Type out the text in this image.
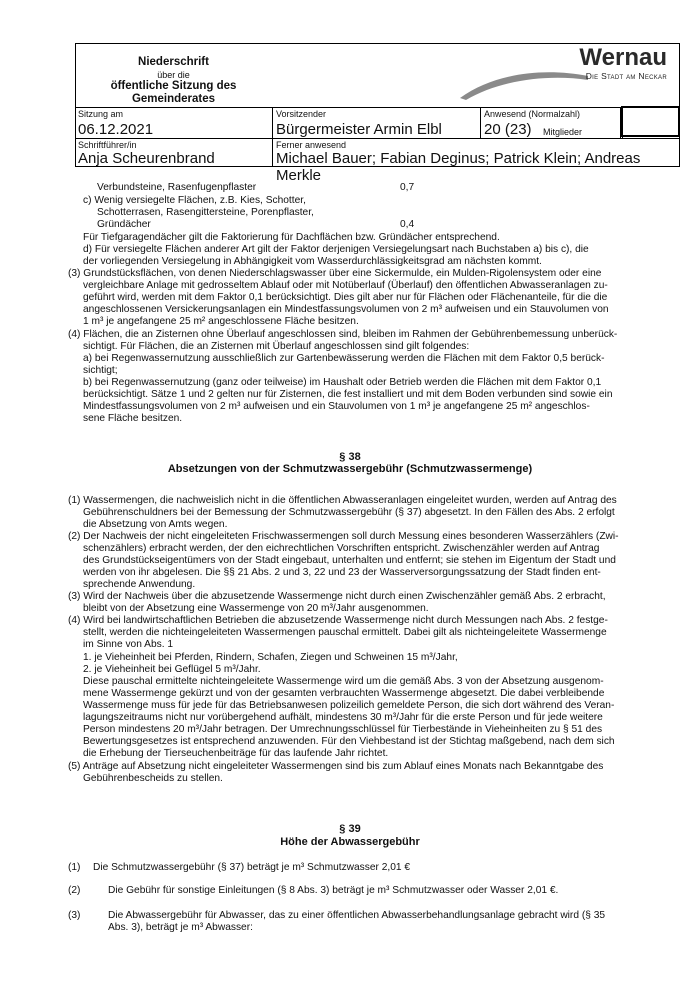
Niederschrift
über die
öffentliche Sitzung des
Gemeinderates
Wernau
Die Stadt am Neckar
Sitzung am
06.12.2021
Vorsitzender
Bürgermeister Armin Elbl
Anwesend (Normalzahl)
20 (23) Mitglieder
Schriftführer/in
Anja Scheurenbrand
Ferner anwesend
Michael Bauer; Fabian Deginus; Patrick Klein; Andreas Merkle
Verbundsteine, Rasenfugenpflaster	0,7
c) Wenig versiegelte Flächen, z.B. Kies, Schotter,
Schotterrasen, Rasengittersteine, Porenpflaster,
Gründächer	0,4
Für Tiefgaragendächer gilt die Faktorierung für Dachflächen bzw. Gründächer entsprechend.
d) Für versiegelte Flächen anderer Art gilt der Faktor derjenigen Versiegelungsart nach Buchstaben a) bis c), die
der vorliegenden Versiegelung in Abhängigkeit vom Wasserdurchlässigkeitsgrad am nächsten kommt.
(3) Grundstücksflächen, von denen Niederschlagswasser über eine Sickermulde, ein Mulden-Rigolensystem oder eine
vergleichbare Anlage mit gedrosseltem Ablauf oder mit Notüberlauf (Überlauf) den öffentlichen Abwasseranlagen zu-
geführt wird, werden mit dem Faktor 0,1 berücksichtigt. Dies gilt aber nur für Flächen oder Flächenanteile, für die die
angeschlossenen Versickerungsanlagen ein Mindestfassungsvolumen von 2 m³ aufweisen und ein Stauvolumen von
1 m³ je angefangene 25 m² angeschlossene Fläche besitzen.
(4) Flächen, die an Zisternen ohne Überlauf angeschlossen sind, bleiben im Rahmen der Gebührenbemessung unberück-
sichtigt. Für Flächen, die an Zisternen mit Überlauf angeschlossen sind gilt folgendes:
a) bei Regenwassernutzung ausschließlich zur Gartenbewässerung werden die Flächen mit dem Faktor 0,5 berück-
sichtigt;
b) bei Regenwassernutzung (ganz oder teilweise) im Haushalt oder Betrieb werden die Flächen mit dem Faktor 0,1
berücksichtigt. Sätze 1 und 2 gelten nur für Zisternen, die fest installiert und mit dem Boden verbunden sind sowie ein
Mindestfassungsvolumen von 2 m³ aufweisen und ein Stauvolumen von 1 m³ je angefangene 25 m² angeschlos-
sene Fläche besitzen.
§ 38
Absetzungen von der Schmutzwassergebühr (Schmutzwassermenge)
(1) Wassermengen, die nachweislich nicht in die öffentlichen Abwasseranlagen eingeleitet wurden, werden auf Antrag des
Gebührenschuldners bei der Bemessung der Schmutzwassergebühr (§ 37) abgesetzt. In den Fällen des Abs. 2 erfolgt
die Absetzung von Amts wegen.
(2) Der Nachweis der nicht eingeleiteten Frischwassermengen soll durch Messung eines besonderen Wasserzählers (Zwi-
schenzählers) erbracht werden, der den eichrechtlichen Vorschriften entspricht. Zwischenzähler werden auf Antrag
des Grundstückseigentümers von der Stadt eingebaut, unterhalten und entfernt; sie stehen im Eigentum der Stadt und
werden von ihr abgelesen. Die §§ 21 Abs. 2 und 3, 22 und 23 der Wasserversorgungssatzung der Stadt finden ent-
sprechende Anwendung.
(3) Wird der Nachweis über die abzusetzende Wassermenge nicht durch einen Zwischenzähler gemäß Abs. 2 erbracht,
bleibt von der Absetzung eine Wassermenge von 20 m³/Jahr ausgenommen.
(4) Wird bei landwirtschaftlichen Betrieben die abzusetzende Wassermenge nicht durch Messungen nach Abs. 2 festge-
stellt, werden die nichteingeleiteten Wassermengen pauschal ermittelt. Dabei gilt als nichteingeleitete Wassermenge
im Sinne von Abs. 1
1. je Vieheinheit bei Pferden, Rindern, Schafen, Ziegen und Schweinen 15 m³/Jahr,
2. je Vieheinheit bei Geflügel 5 m³/Jahr.
Diese pauschal ermittelte nichteingeleitete Wassermenge wird um die gemäß Abs. 3 von der Absetzung ausgenom-
mene Wassermenge gekürzt und von der gesamten verbrauchten Wassermenge abgesetzt. Die dabei verbleibende
Wassermenge muss für jede für das Betriebsanwesen polizeilich gemeldete Person, die sich dort während des Veran-
lagungszeitraums nicht nur vorübergehend aufhält, mindestens 30 m³/Jahr für die erste Person und für jede weitere
Person mindestens 20 m³/Jahr betragen. Der Umrechnungsschlüssel für Tierbestände in Vieheinheiten zu § 51 des
Bewertungsgesetzes ist entsprechend anzuwenden. Für den Viehbestand ist der Stichtag maßgebend, nach dem sich
die Erhebung der Tierseuchenbeiträge für das laufende Jahr richtet.
(5) Anträge auf Absetzung nicht eingeleiteter Wassermengen sind bis zum Ablauf eines Monats nach Bekanntgabe des
Gebührenbescheids zu stellen.
§ 39
Höhe der Abwassergebühr
(1) Die Schmutzwassergebühr (§ 37) beträgt je m³ Schmutzwasser 2,01 €
(2)	Die Gebühr für sonstige Einleitungen (§ 8 Abs. 3) beträgt je m³ Schmutzwasser oder Wasser 2,01 €.
(3)	Die Abwassergebühr für Abwasser, das zu einer öffentlichen Abwasserbehandlungsanlage gebracht wird (§ 35
Abs. 3), beträgt je m³ Abwasser:
